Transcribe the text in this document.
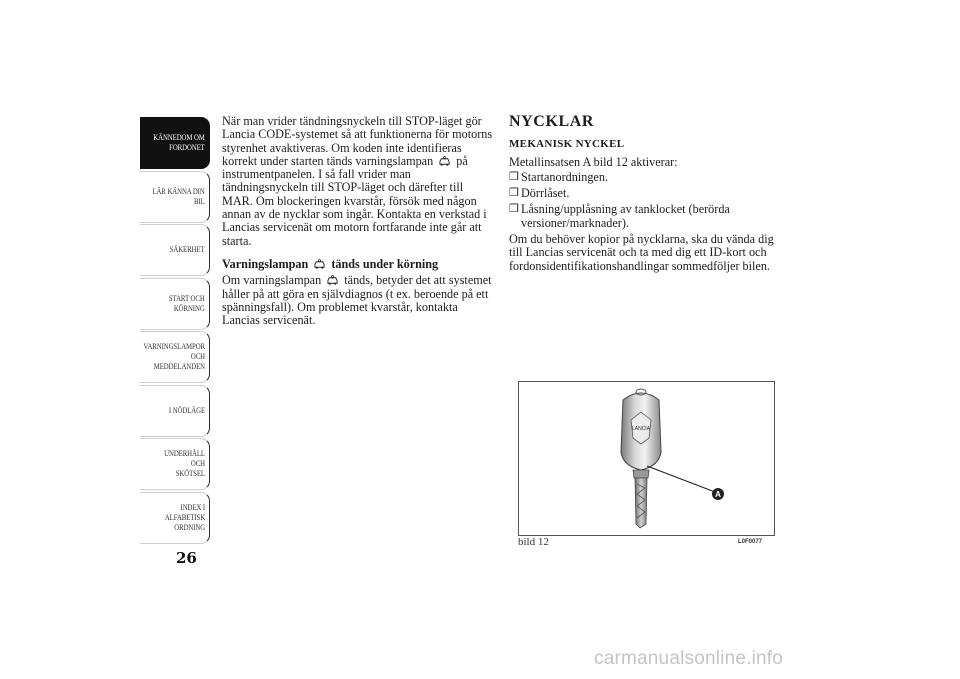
KÄNNEDOM OM
FORDONET
LÄR KÄNNA DIN
BIL
SÄKERHET
START OCH
KÖRNING
VARNINGSLAMPOR
OCH
MEDDELANDEN
I NÖDLÄGE
UNDERHÅLL OCH
SKÖTSEL
INDEX I
ALFABETISK
ORDNING
26

När man vrider tändningsnyckeln till STOP-läget gör Lancia CODE-systemet så att funktionerna för motorns styrenhet avaktiveras. Om koden inte identifieras korrekt under starten tänds varningslampan på instrumentpanelen. I så fall vrider man tändningsnyckeln till STOP-läget och därefter till MAR. Om blockeringen kvarstår, försök med någon annan av de nycklar som ingår. Kontakta en verkstad i Lancias servicenät om motorn fortfarande inte går att starta.

Varningslampan tänds under körning

Om varningslampan tänds, betyder det att systemet håller på att göra en självdiagnos (t ex. beroende på ett spänningsfall). Om problemet kvarstår, kontakta Lancias servicenät.

NYCKLAR

MEKANISK NYCKEL

Metallinsatsen A bild 12 aktiverar:

❒ Startanordningen.
❒ Dörrlåset.
❒ Låsning/upplåsning av tanklocket (berörda versioner/marknader).

Om du behöver kopior på nycklarna, ska du vända dig till Lancias servicenät och ta med dig ett ID-kort och fordonsidentifikationshandlingar sommedföljer bilen.

LANCIA
A
bild 12	L0F0077
carmanualsonline.info
